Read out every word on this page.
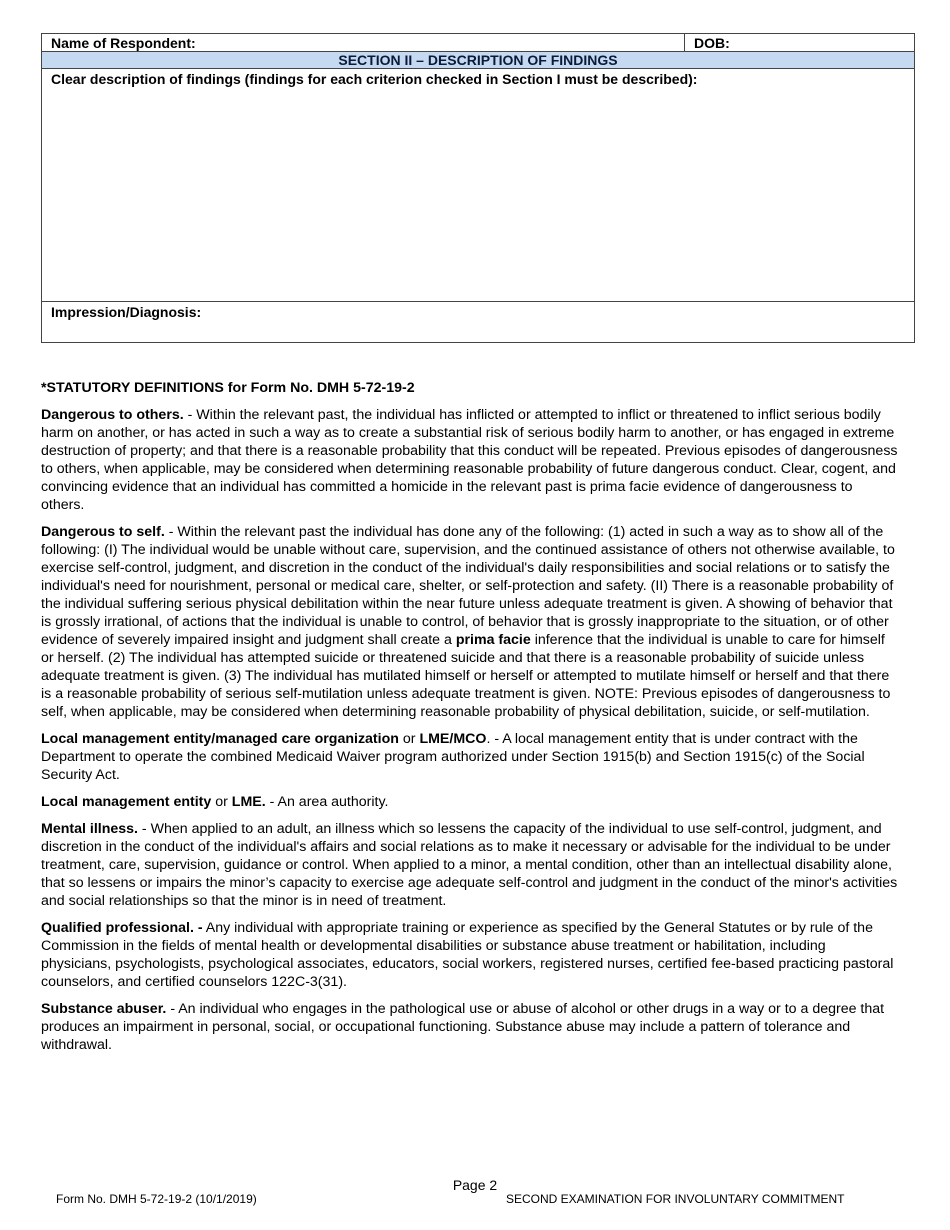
Name of Respondent:	DOB:
SECTION II – DESCRIPTION OF FINDINGS
Clear description of findings (findings for each criterion checked in Section I must be described):
Impression/Diagnosis:

*STATUTORY DEFINITIONS for Form No. DMH 5-72-19-2

Dangerous to others. - Within the relevant past, the individual has inflicted or attempted to inflict or threatened to inflict serious bodily harm on another, or has acted in such a way as to create a substantial risk of serious bodily harm to another, or has engaged in extreme destruction of property; and that there is a reasonable probability that this conduct will be repeated. Previous episodes of dangerousness to others, when applicable, may be considered when determining reasonable probability of future dangerous conduct. Clear, cogent, and convincing evidence that an individual has committed a homicide in the relevant past is prima facie evidence of dangerousness to others.

Dangerous to self. - Within the relevant past the individual has done any of the following: (1) acted in such a way as to show all of the following: (I) The individual would be unable without care, supervision, and the continued assistance of others not otherwise available, to exercise self-control, judgment, and discretion in the conduct of the individual's daily responsibilities and social relations or to satisfy the individual's need for nourishment, personal or medical care, shelter, or self-protection and safety. (II) There is a reasonable probability of the individual suffering serious physical debilitation within the near future unless adequate treatment is given. A showing of behavior that is grossly irrational, of actions that the individual is unable to control, of behavior that is grossly inappropriate to the situation, or of other evidence of severely impaired insight and judgment shall create a prima facie inference that the individual is unable to care for himself or herself. (2) The individual has attempted suicide or threatened suicide and that there is a reasonable probability of suicide unless adequate treatment is given. (3) The individual has mutilated himself or herself or attempted to mutilate himself or herself and that there is a reasonable probability of serious self-mutilation unless adequate treatment is given. NOTE: Previous episodes of dangerousness to self, when applicable, may be considered when determining reasonable probability of physical debilitation, suicide, or self-mutilation.

Local management entity/managed care organization or LME/MCO. - A local management entity that is under contract with the Department to operate the combined Medicaid Waiver program authorized under Section 1915(b) and Section 1915(c) of the Social Security Act.

Local management entity or LME. - An area authority.

Mental illness. - When applied to an adult, an illness which so lessens the capacity of the individual to use self-control, judgment, and discretion in the conduct of the individual's affairs and social relations as to make it necessary or advisable for the individual to be under treatment, care, supervision, guidance or control. When applied to a minor, a mental condition, other than an intellectual disability alone, that so lessens or impairs the minor’s capacity to exercise age adequate self-control and judgment in the conduct of the minor's activities and social relationships so that the minor is in need of treatment.

Qualified professional. - Any individual with appropriate training or experience as specified by the General Statutes or by rule of the Commission in the fields of mental health or developmental disabilities or substance abuse treatment or habilitation, including physicians, psychologists, psychological associates, educators, social workers, registered nurses, certified fee-based practicing pastoral counselors, and certified counselors 122C-3(31).

Substance abuser. - An individual who engages in the pathological use or abuse of alcohol or other drugs in a way or to a degree that produces an impairment in personal, social, or occupational functioning. Substance abuse may include a pattern of tolerance and withdrawal.

Page 2
Form No. DMH 5-72-19-2 (10/1/2019)	SECOND EXAMINATION FOR INVOLUNTARY COMMITMENT
